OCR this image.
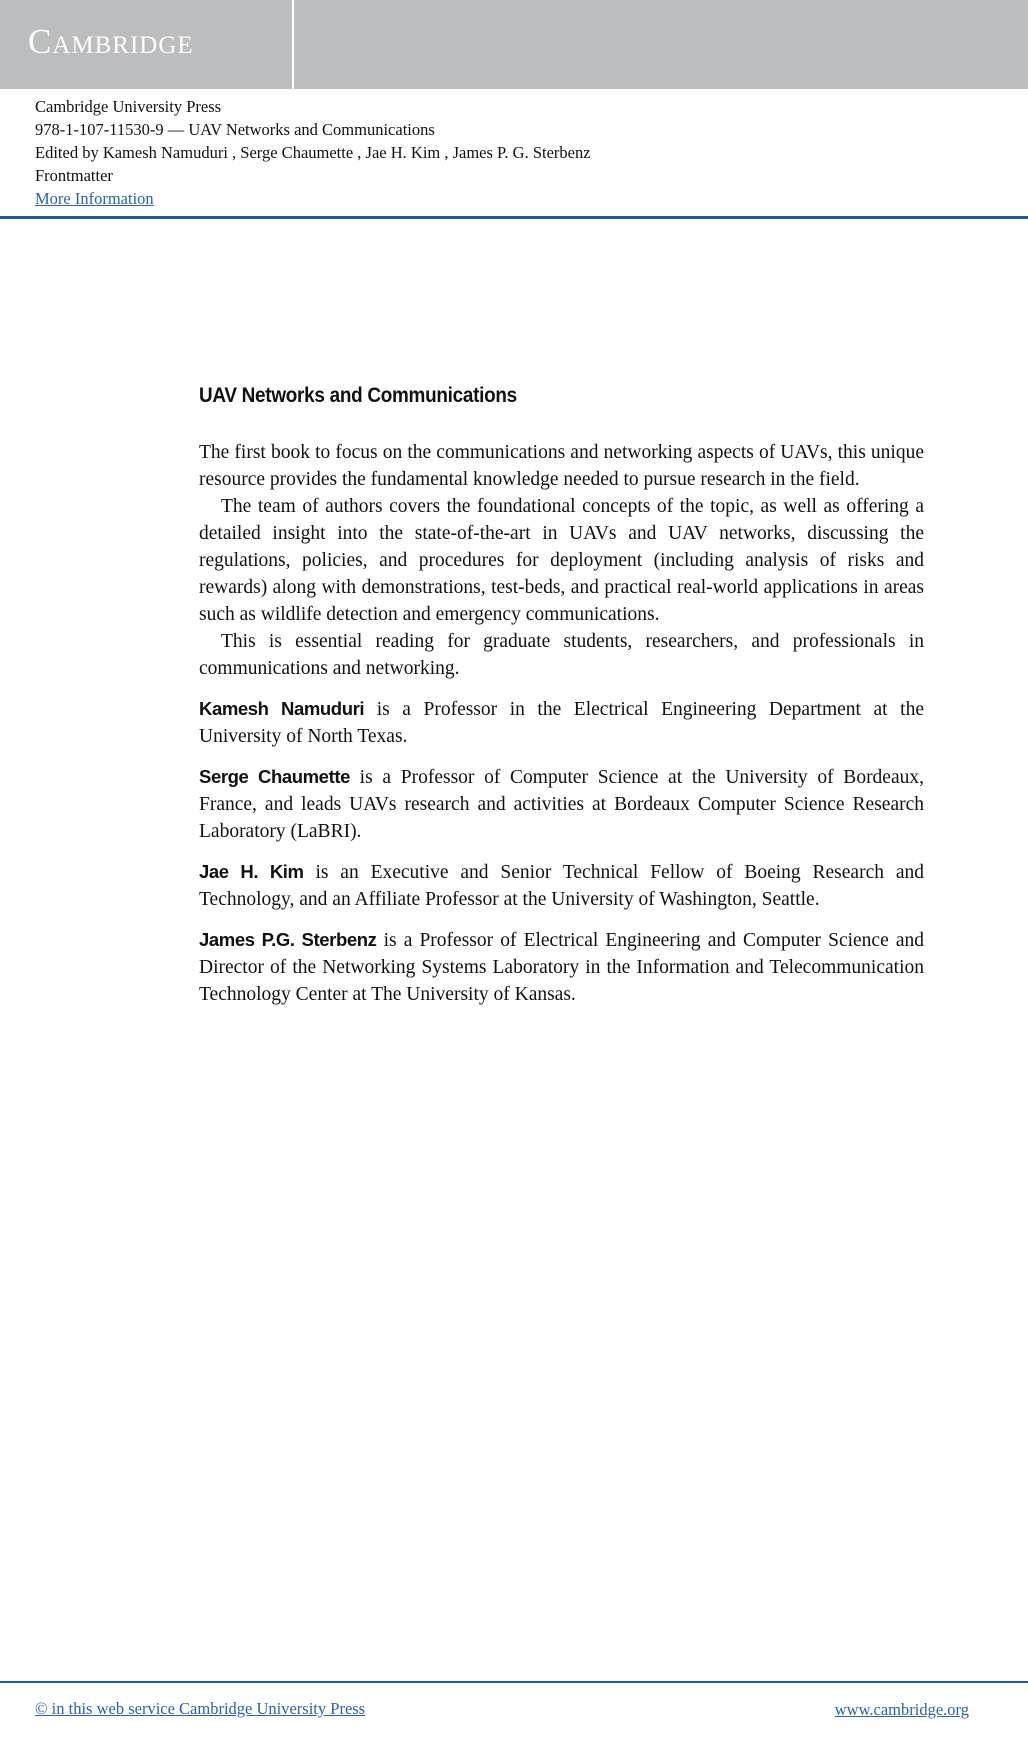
Cambridge
Cambridge University Press
978-1-107-11530-9 — UAV Networks and Communications
Edited by Kamesh Namuduri , Serge Chaumette , Jae H. Kim , James P. G. Sterbenz
Frontmatter
More Information
UAV Networks and Communications

The first book to focus on the communications and networking aspects of UAVs, this unique resource provides the fundamental knowledge needed to pursue research in the field.

The team of authors covers the foundational concepts of the topic, as well as offering a detailed insight into the state-of-the-art in UAVs and UAV networks, discussing the regulations, policies, and procedures for deployment (including analysis of risks and rewards) along with demonstrations, test-beds, and practical real-world applications in areas such as wildlife detection and emergency communications.

This is essential reading for graduate students, researchers, and professionals in communications and networking.

Kamesh Namuduri is a Professor in the Electrical Engineering Department at the University of North Texas.

Serge Chaumette is a Professor of Computer Science at the University of Bordeaux, France, and leads UAVs research and activities at Bordeaux Computer Science Research Laboratory (LaBRI).

Jae H. Kim is an Executive and Senior Technical Fellow of Boeing Research and Technology, and an Affiliate Professor at the University of Washington, Seattle.

James P.G. Sterbenz is a Professor of Electrical Engineering and Computer Science and Director of the Networking Systems Laboratory in the Information and Telecommunication Technology Center at The University of Kansas.

© in this web service Cambridge University Press	www.cambridge.org
